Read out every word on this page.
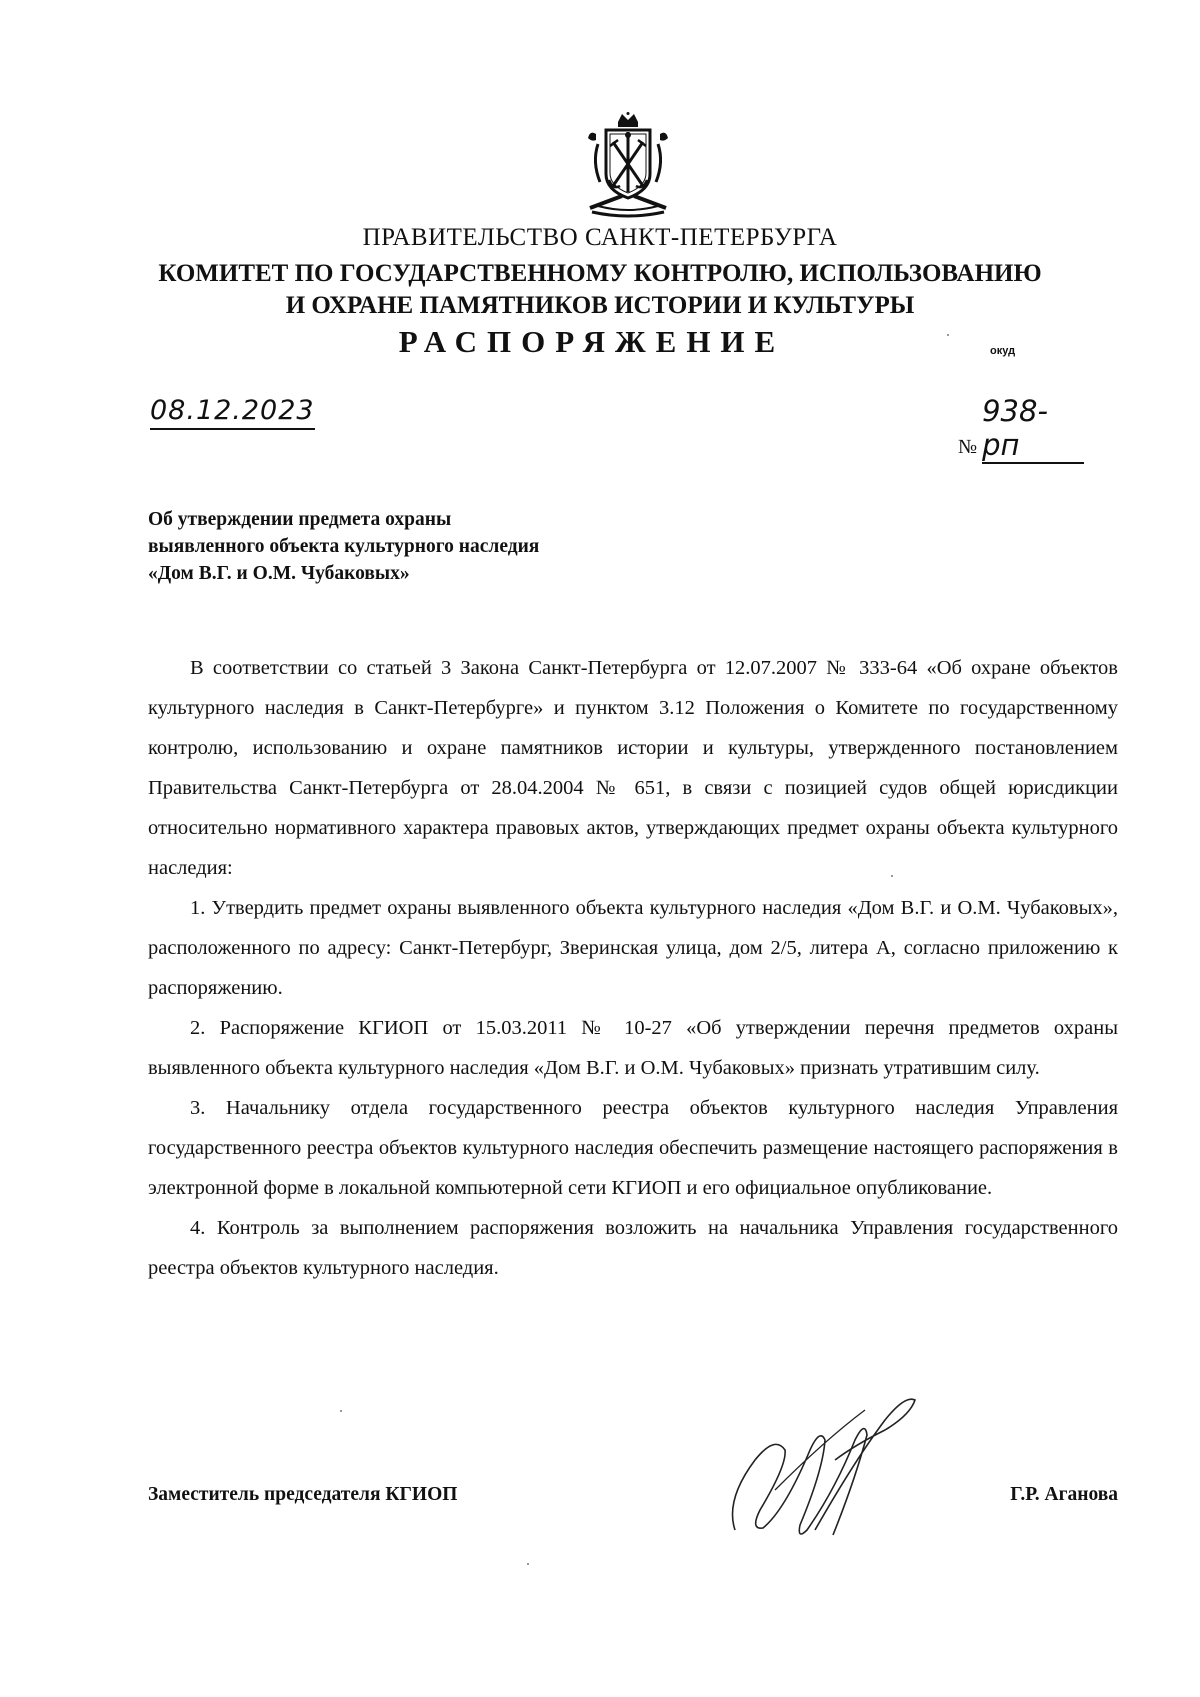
ПРАВИТЕЛЬСТВО САНКТ-ПЕТЕРБУРГА
КОМИТЕТ ПО ГОСУДАРСТВЕННОМУ КОНТРОЛЮ, ИСПОЛЬЗОВАНИЮ
И ОХРАНЕ ПАМЯТНИКОВ ИСТОРИИ И КУЛЬТУРЫ
РАСПОРЯЖЕНИЕ	окуд
08.12.2023
№ 938-рп
Об утверждении предмета охраны
выявленного объекта культурного наследия
«Дом В.Г. и О.М. Чубаковых»

В соответствии со статьей 3 Закона Санкт-Петербурга от 12.07.2007 № 333-64 «Об охране объектов культурного наследия в Санкт-Петербурге» и пунктом 3.12 Положения о Комитете по государственному контролю, использованию и охране памятников истории и культуры, утвержденного постановлением Правительства Санкт-Петербурга от 28.04.2004 № 651, в связи с позицией судов общей юрисдикции относительно нормативного характера правовых актов, утверждающих предмет охраны объекта культурного наследия:

1. Утвердить предмет охраны выявленного объекта культурного наследия «Дом В.Г. и О.М. Чубаковых», расположенного по адресу: Санкт-Петербург, Зверинская улица, дом 2/5, литера А, согласно приложению к распоряжению.

2. Распоряжение КГИОП от 15.03.2011 № 10-27 «Об утверждении перечня предметов охраны выявленного объекта культурного наследия «Дом В.Г. и О.М. Чубаковых» признать утратившим силу.

3. Начальнику отдела государственного реестра объектов культурного наследия Управления государственного реестра объектов культурного наследия обеспечить размещение настоящего распоряжения в электронной форме в локальной компьютерной сети КГИОП и его официальное опубликование.

4. Контроль за выполнением распоряжения возложить на начальника Управления государственного реестра объектов культурного наследия.

Заместитель председателя КГИОП	Г.Р. Аганова
